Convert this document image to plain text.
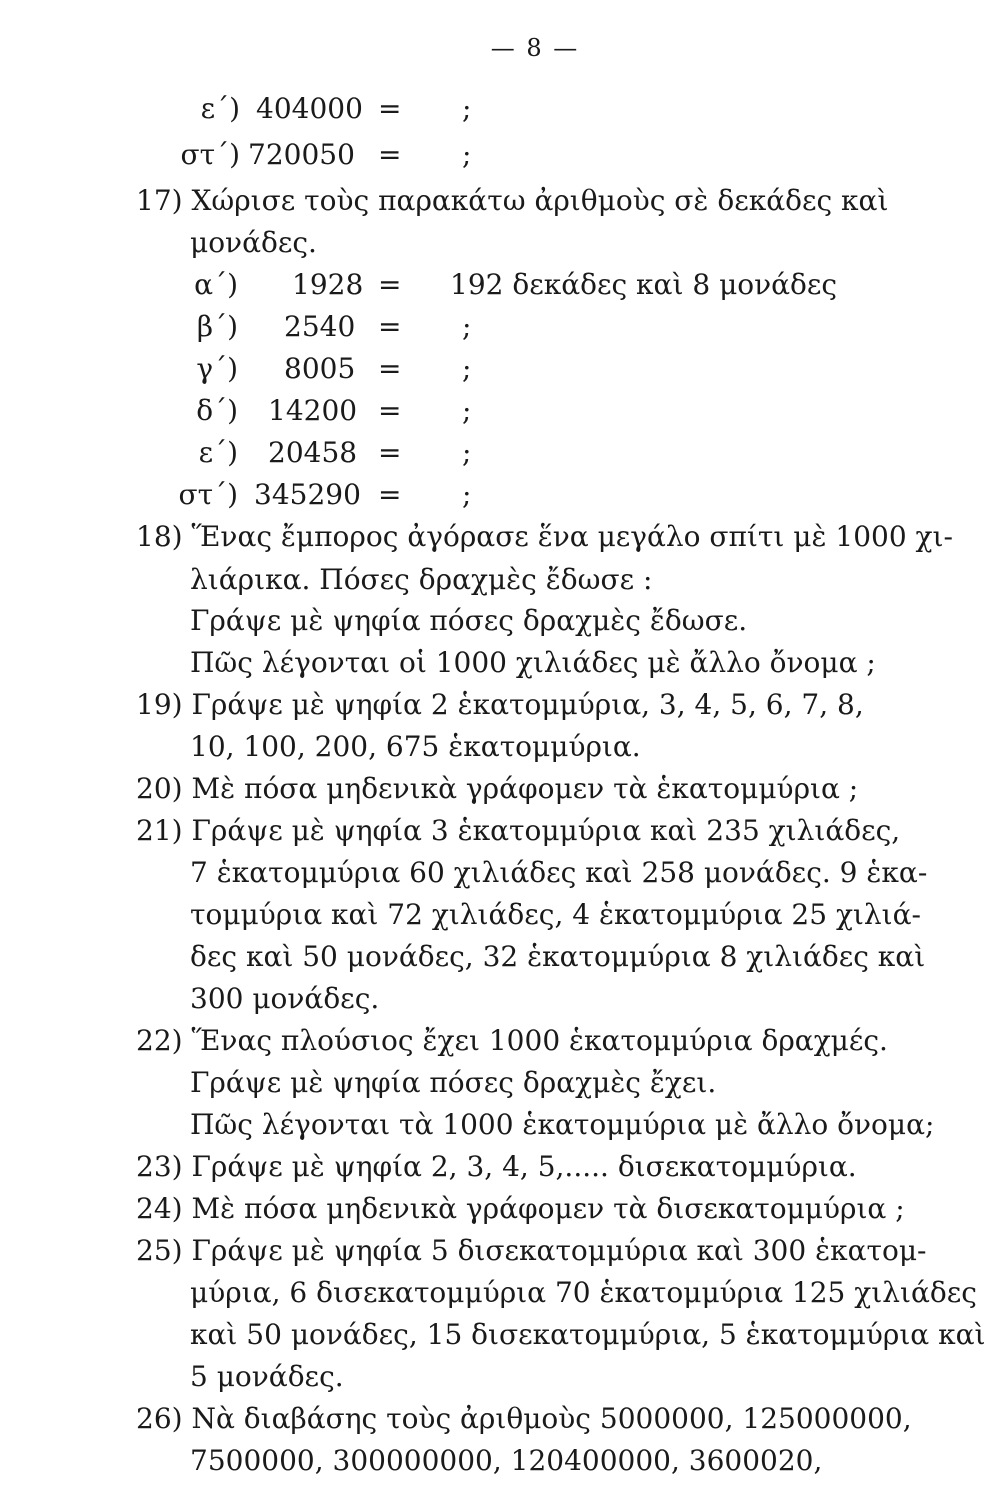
— 8 —
ε΄) 404000 = ;
στ΄) 720050 = ;
17) Χώρισε τοὺς παρακάτω ἀριθμοὺς σὲ δεκάδες καὶ
μονάδες.
α΄) 1928 = 192 δεκάδες καὶ 8 μονάδες
β΄) 2540 = ;
γ΄) 8005 = ;
δ΄) 14200 = ;
ε΄) 20458 = ;
στ΄) 345290 = ;
18) Ἕνας ἔμπορος ἀγόρασε ἕνα μεγάλο σπίτι μὲ 1000 χι-
λιάρικα. Πόσες δραχμὲς ἔδωσε :
Γράψε μὲ ψηφία πόσες δραχμὲς ἔδωσε.
Πῶς λέγονται οἱ 1000 χιλιάδες μὲ ἄλλο ὄνομα ;
19) Γράψε μὲ ψηφία 2 ἑκατομμύρια, 3, 4, 5, 6, 7, 8,
10, 100, 200, 675 ἑκατομμύρια.
20) Μὲ πόσα μηδενικὰ γράφομεν τὰ ἑκατομμύρια ;
21) Γράψε μὲ ψηφία 3 ἑκατομμύρια καὶ 235 χιλιάδες,
7 ἑκατομμύρια 60 χιλιάδες καὶ 258 μονάδες. 9 ἑκα-
τομμύρια καὶ 72 χιλιάδες, 4 ἑκατομμύρια 25 χιλιά-
δες καὶ 50 μονάδες, 32 ἑκατομμύρια 8 χιλιάδες καὶ
300 μονάδες.
22) Ἕνας πλούσιος ἔχει 1000 ἑκατομμύρια δραχμές.
Γράψε μὲ ψηφία πόσες δραχμὲς ἔχει.
Πῶς λέγονται τὰ 1000 ἑκατομμύρια μὲ ἄλλο ὄνομα;
23) Γράψε μὲ ψηφία 2, 3, 4, 5,..... δισεκατομμύρια.
24) Μὲ πόσα μηδενικὰ γράφομεν τὰ δισεκατομμύρια ;
25) Γράψε μὲ ψηφία 5 δισεκατομμύρια καὶ 300 ἑκατομ-
μύρια, 6 δισεκατομμύρια 70 ἑκατομμύρια 125 χιλιάδες
καὶ 50 μονάδες, 15 δισεκατομμύρια, 5 ἑκατομμύρια καὶ
5 μονάδες.
26) Νὰ διαβάσης τοὺς ἀριθμοὺς 5000000, 125000000,
7500000, 300000000, 120400000, 3600020,
